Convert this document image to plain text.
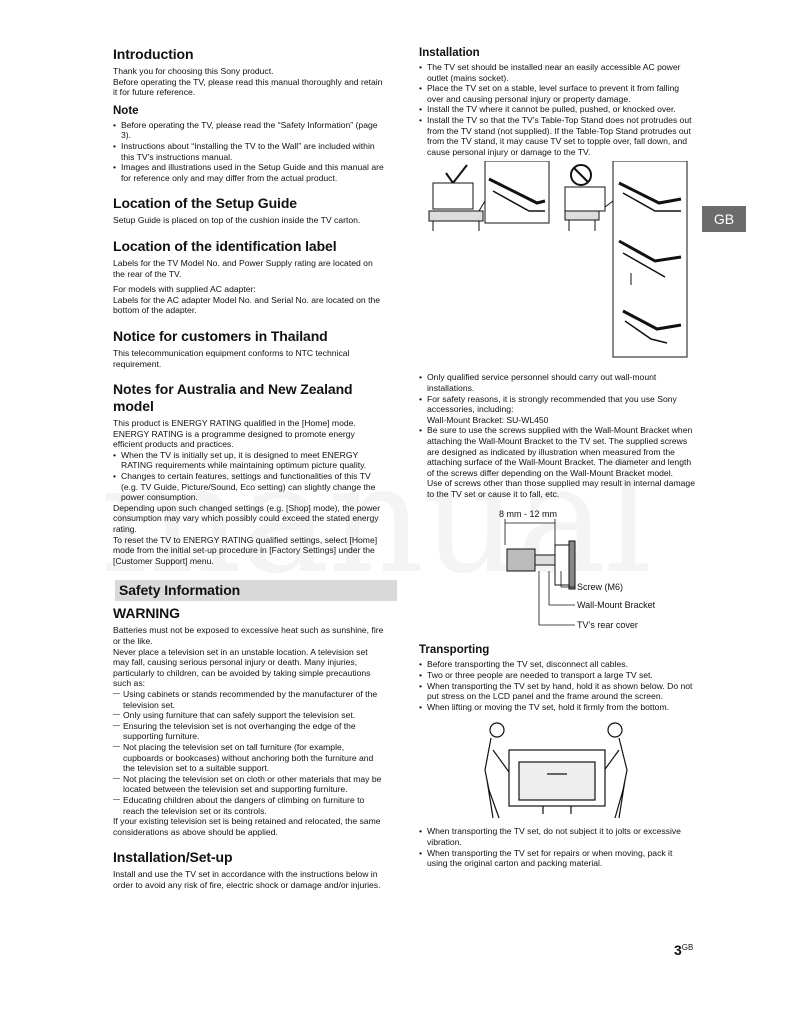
Introduction

Thank you for choosing this Sony product.

Before operating the TV, please read this manual thoroughly and retain it for future reference.

Note
• Before operating the TV, please read the “Safety Information” (page 3).
• Instructions about “Installing the TV to the Wall” are included within this TV’s instructions manual.
• Images and illustrations used in the Setup Guide and this manual are for reference only and may differ from the actual product.
Location of the Setup Guide

Setup Guide is placed on top of the cushion inside the TV carton.

Location of the identification label

Labels for the TV Model No. and Power Supply rating are located on the rear of the TV.

For models with supplied AC adapter:

Labels for the AC adapter Model No. and Serial No. are located on the bottom of the adapter.

Notice for customers in Thailand

This telecommunication equipment conforms to NTC technical requirement.

Notes for Australia and New Zealand model

This product is ENERGY RATING qualified in the [Home] mode.

ENERGY RATING is a programme designed to promote energy efficient products and practices.

• When the TV is initially set up, it is designed to meet ENERGY RATING requirements while maintaining optimum picture quality.
• Changes to certain features, settings and functionalities of this TV (e.g. TV Guide, Picture/Sound, Eco setting) can slightly change the power consumption.

Depending upon such changed settings (e.g. [Shop] mode), the power consumption may vary which possibly could exceed the stated energy rating.

To reset the TV to ENERGY RATING qualified settings, select [Home] mode from the initial set-up procedure in [Factory Settings] under the [Customer Support] menu.

Safety Information
WARNING

Batteries must not be exposed to excessive heat such as sunshine, fire or the like.

Never place a television set in an unstable location. A television set may fall, causing serious personal injury or death. Many injuries, particularly to children, can be avoided by taking simple precautions such as:

— Using cabinets or stands recommended by the manufacturer of the television set.
— Only using furniture that can safely support the television set.
— Ensuring the television set is not overhanging the edge of the supporting furniture.
— Not placing the television set on tall furniture (for example, cupboards or bookcases) without anchoring both the furniture and the television set to a suitable support.
— Not placing the television set on cloth or other materials that may be located between the television set and supporting furniture.
— Educating children about the dangers of climbing on furniture to reach the television set or its controls.

If your existing television set is being retained and relocated, the same considerations as above should be applied.

Installation/Set-up

Install and use the TV set in accordance with the instructions below in order to avoid any risk of fire, electric shock or damage and/or injuries.

Installation
• The TV set should be installed near an easily accessible AC power outlet (mains socket).
• Place the TV set on a stable, level surface to prevent it from falling over and causing personal injury or property damage.
• Install the TV where it cannot be pulled, pushed, or knocked over.
• Install the TV so that the TV’s Table-Top Stand does not protrudes out from the TV stand (not supplied). If the Table-Top Stand protrudes out from the TV stand, it may cause TV set to topple over, fall down, and cause personal injury or damage to the TV.
• Only qualified service personnel should carry out wall-mount installations.
• For safety reasons, it is strongly recommended that you use Sony accessories, including:

Wall-Mount Bracket: SU-WL450

• Be sure to use the screws supplied with the Wall-Mount Bracket when attaching the Wall-Mount Bracket to the TV set. The supplied screws are designed as indicated by illustration when measured from the attaching surface of the Wall-Mount Bracket. The diameter and length of the screws differ depending on the Wall-Mount Bracket model.

Use of screws other than those supplied may result in internal damage to the TV set or cause it to fall, etc.

8 mm - 12 mm
Screw (M6)
Wall-Mount Bracket
TV’s rear cover
Transporting
• Before transporting the TV set, disconnect all cables.
• Two or three people are needed to transport a large TV set.
• When transporting the TV set by hand, hold it as shown below. Do not put stress on the LCD panel and the frame around the screen.
• When lifting or moving the TV set, hold it firmly from the bottom.
• When transporting the TV set, do not subject it to jolts or excessive vibration.
• When transporting the TV set for repairs or when moving, pack it using the original carton and packing material.
GB
$3^{GB}$
